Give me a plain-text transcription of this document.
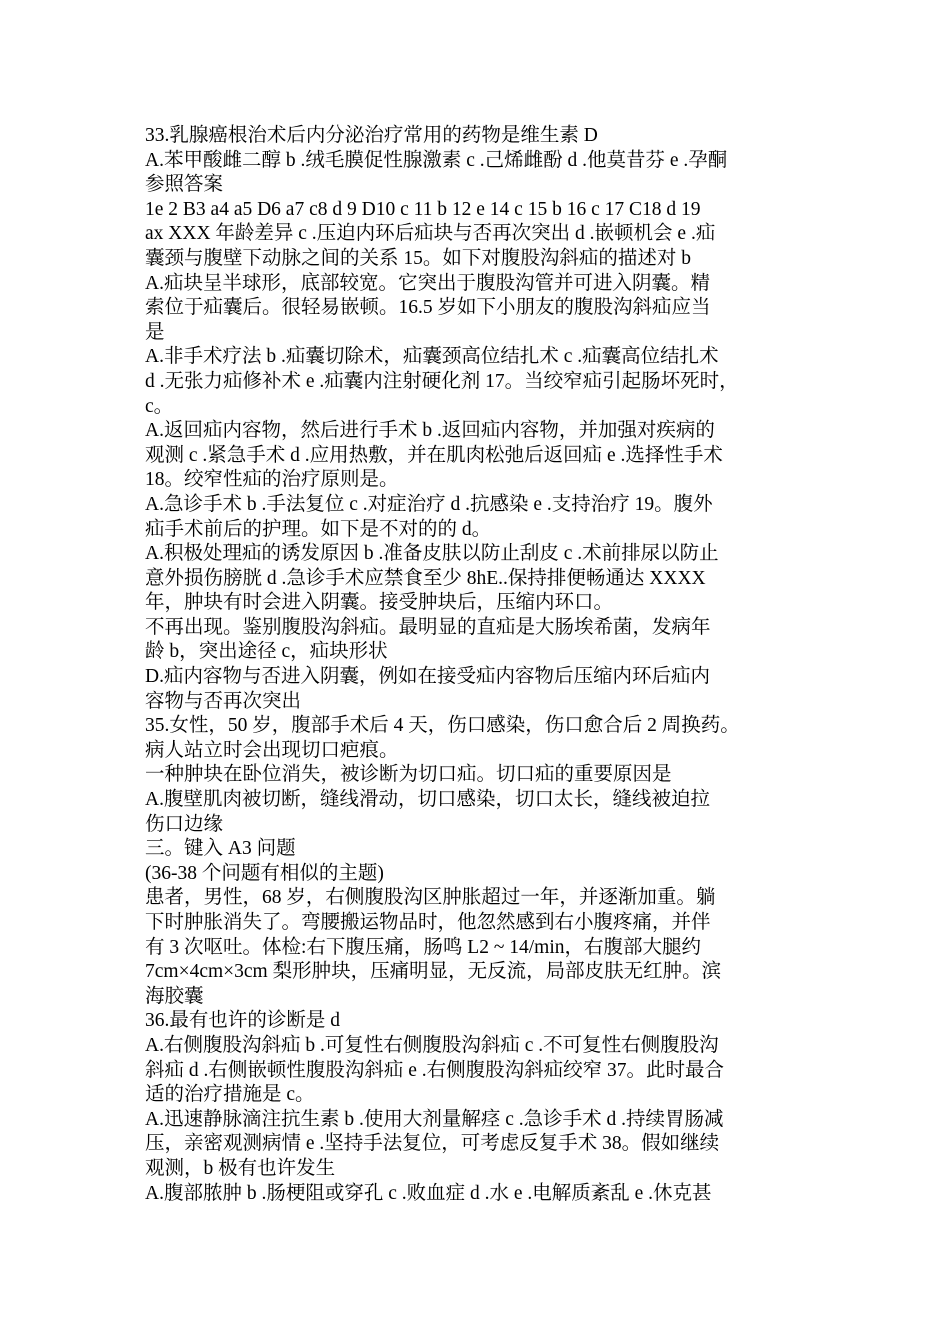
33.乳腺癌根治术后内分泌治疗常用的药物是维生素 D
A.苯甲酸雌二醇 b .绒毛膜促性腺激素 c .己烯雌酚 d .他莫昔芬 e .孕酮
参照答案
1e 2 B3 a4 a5 D6 a7 c8 d 9 D10 c 11 b 12 e 14 c 15 b 16 c 17 C18 d 19
ax XXX 年龄差异 c .压迫内环后疝块与否再次突出 d .嵌顿机会 e .疝
囊颈与腹壁下动脉之间的关系 15。如下对腹股沟斜疝的描述对 b
A.疝块呈半球形，底部较宽。它突出于腹股沟管并可进入阴囊。精
索位于疝囊后。很轻易嵌顿。16.5 岁如下小朋友的腹股沟斜疝应当
是
A.非手术疗法 b .疝囊切除术，疝囊颈高位结扎术 c .疝囊高位结扎术
d .无张力疝修补术 e .疝囊内注射硬化剂 17。当绞窄疝引起肠坏死时，
c。
A.返回疝内容物，然后进行手术 b .返回疝内容物，并加强对疾病的
观测 c .紧急手术 d .应用热敷，并在肌肉松弛后返回疝 e .选择性手术
18。绞窄性疝的治疗原则是。
A.急诊手术 b .手法复位 c .对症治疗 d .抗感染 e .支持治疗 19。腹外
疝手术前后的护理。如下是不对的的 d。
A.积极处理疝的诱发原因 b .准备皮肤以防止刮皮 c .术前排尿以防止
意外损伤膀胱 d .急诊手术应禁食至少 8hE..保持排便畅通达 XXXX
年，肿块有时会进入阴囊。接受肿块后，压缩内环口。
不再出现。鉴别腹股沟斜疝。最明显的直疝是大肠埃希菌，发病年
龄 b，突出途径 c，疝块形状
D.疝内容物与否进入阴囊，例如在接受疝内容物后压缩内环后疝内
容物与否再次突出
35.女性，50 岁，腹部手术后 4 天，伤口感染，伤口愈合后 2 周换药。
病人站立时会出现切口疤痕。
一种肿块在卧位消失，被诊断为切口疝。切口疝的重要原因是
A.腹壁肌肉被切断，缝线滑动，切口感染，切口太长，缝线被迫拉
伤口边缘
三。键入 A3 问题
(36-38 个问题有相似的主题)
患者，男性，68 岁，右侧腹股沟区肿胀超过一年，并逐渐加重。躺
下时肿胀消失了。弯腰搬运物品时，他忽然感到右小腹疼痛，并伴
有 3 次呕吐。体检:右下腹压痛，肠鸣 L2 ~ 14/min，右腹部大腿约
7cm×4cm×3cm 梨形肿块，压痛明显，无反流，局部皮肤无红肿。滨
海胶囊
36.最有也许的诊断是 d
A.右侧腹股沟斜疝 b .可复性右侧腹股沟斜疝 c .不可复性右侧腹股沟
斜疝 d .右侧嵌顿性腹股沟斜疝 e .右侧腹股沟斜疝绞窄 37。此时最合
适的治疗措施是 c。
A.迅速静脉滴注抗生素 b .使用大剂量解痉 c .急诊手术 d .持续胃肠减
压，亲密观测病情 e .坚持手法复位，可考虑反复手术 38。假如继续
观测，b 极有也许发生
A.腹部脓肿 b .肠梗阻或穿孔 c .败血症 d .水 e .电解质紊乱 e .休克甚
